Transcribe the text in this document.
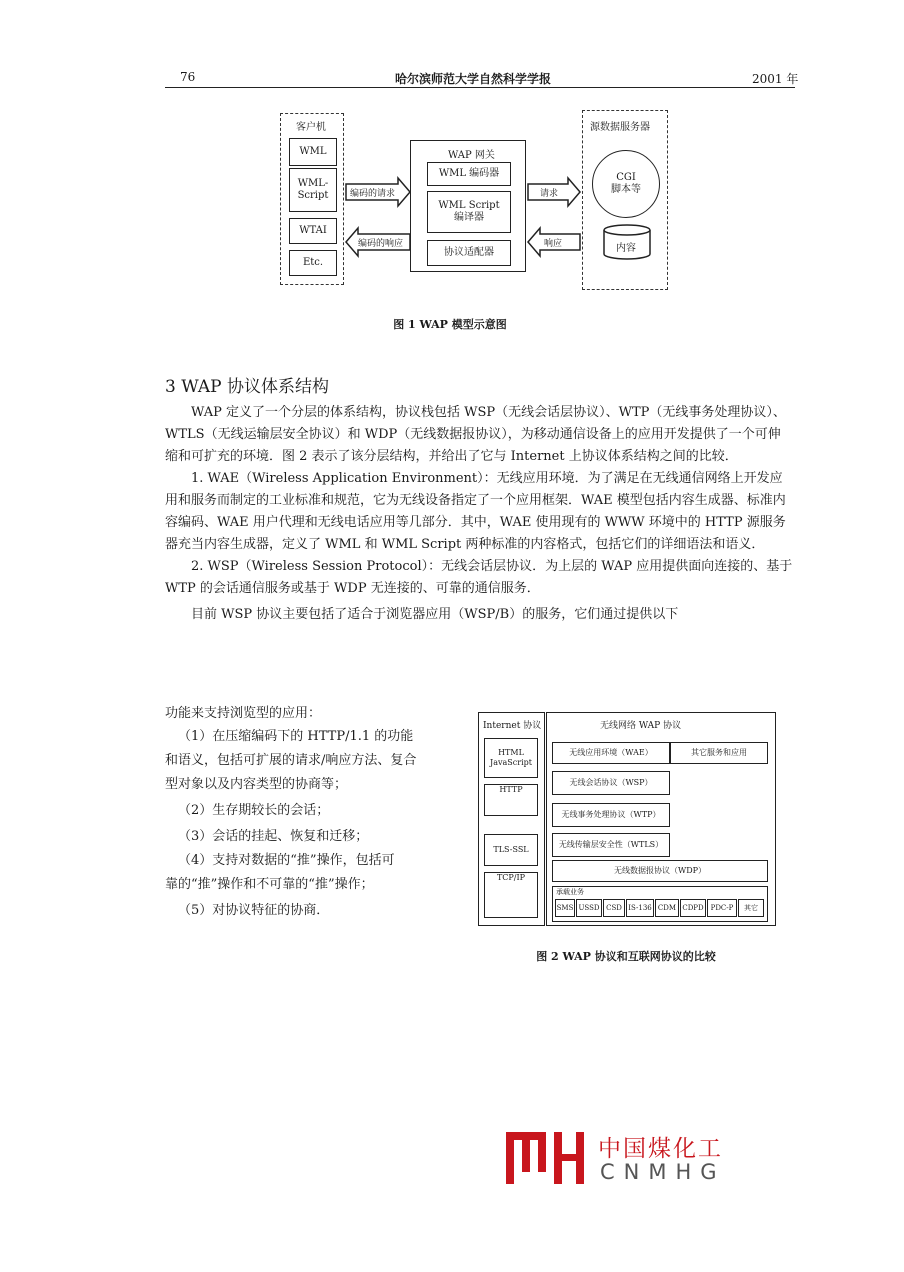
76	哈尔滨师范大学自然科学学报	2001 年
客户机
WML
WML-
Script
WTAI
Etc.
编码的请求
编码的响应
WAP 网关
WML 编码器
WML Script
编译器
协议适配器
请求
响应
源数据服务器
CGI
脚本等
内容
图 1 WAP 模型示意图
3 WAP 协议体系结构

WAP 定义了一个分层的体系结构，协议栈包括 WSP（无线会话层协议）、WTP（无线事务处理协议）、WTLS（无线运输层安全协议）和 WDP（无线数据报协议），为移动通信设备上的应用开发提供了一个可伸缩和可扩充的环境．图 2 表示了该分层结构，并给出了它与 Internet 上协议体系结构之间的比较．

1. WAE（Wireless Application Environment）：无线应用环境．为了满足在无线通信网络上开发应用和服务而制定的工业标准和规范，它为无线设备指定了一个应用框架．WAE 模型包括内容生成器、标准内容编码、WAE 用户代理和无线电话应用等几部分．其中，WAE 使用现有的 WWW 环境中的 HTTP 源服务器充当内容生成器，定义了 WML 和 WML Script 两种标准的内容格式，包括它们的详细语法和语义．

2. WSP（Wireless Session Protocol）：无线会话层协议．为上层的 WAP 应用提供面向连接的、基于 WTP 的会话通信服务或基于 WDP 无连接的、可靠的通信服务．

目前 WSP 协议主要包括了适合于浏览器应用（WSP/B）的服务，它们通过提供以下

功能来支持浏览型的应用：
（1）在压缩编码下的 HTTP/1.1 的功能
和语义，包括可扩展的请求/响应方法、复合
型对象以及内容类型的协商等；
（2）生存期较长的会话；
（3）会话的挂起、恢复和迁移；
（4）支持对数据的“推”操作，包括可
靠的“推”操作和不可靠的“推”操作；
（5）对协议特征的协商．
Internet 协议
HTML
JavaScript
HTTP
TLS-SSL
TCP/IP
无线网络 WAP 协议
无线应用环境（WAE）	其它服务和应用
无线会话协议（WSP）
无线事务处理协议（WTP）
无线传输层安全性（WTLS）
无线数据报协议（WDP）
承载业务
SMS USSD CSD IS-136 CDM CDPD PDC-P	其它
图 2 WAP 协议和互联网协议的比较
中国煤化工
CNMHG
